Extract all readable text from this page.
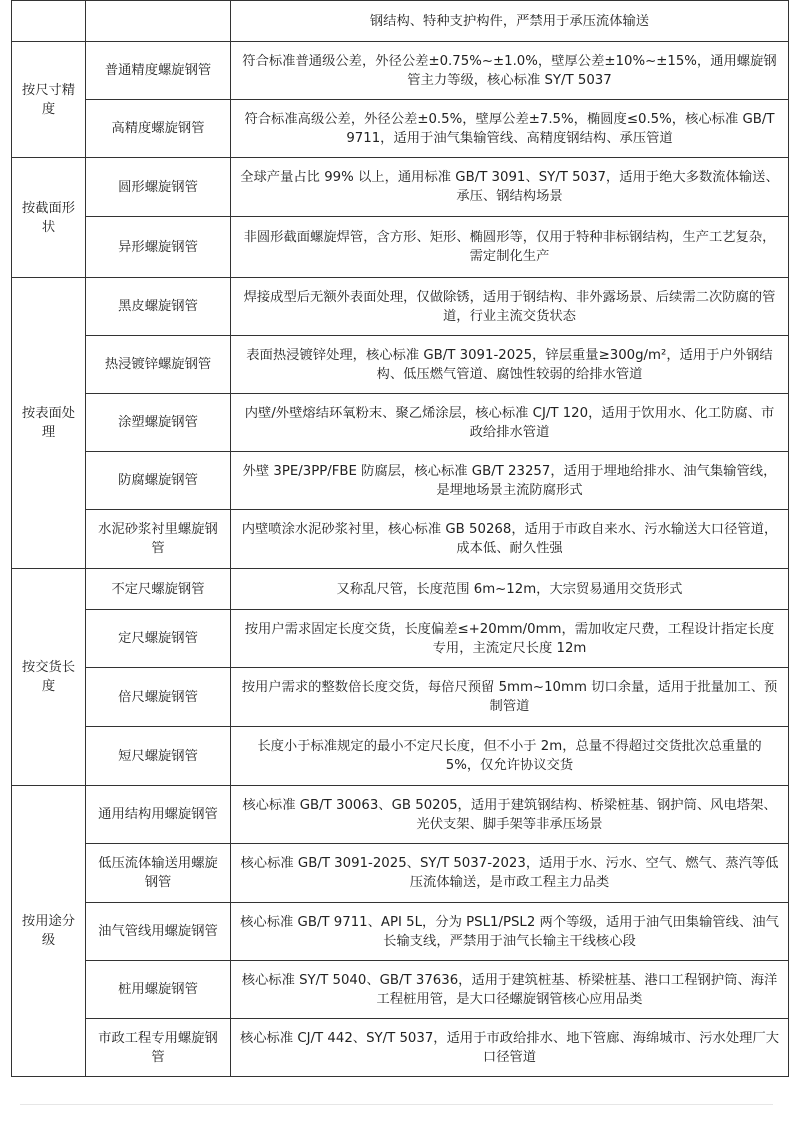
		钢结构、特种支护构件，严禁用于承压流体输送
按尺寸精度	普通精度螺旋钢管	符合标准普通级公差，外径公差±0.75%~±1.0%，壁厚公差±10%~±15%，通用螺旋钢管主力等级，核心标准 SY/T 5037
	高精度螺旋钢管	符合标准高级公差，外径公差±0.5%，壁厚公差±7.5%，椭圆度≤0.5%，核心标准 GB/T 9711，适用于油气集输管线、高精度钢结构、承压管道
按截面形状	圆形螺旋钢管	全球产量占比 99% 以上，通用标准 GB/T 3091、SY/T 5037，适用于绝大多数流体输送、承压、钢结构场景
	异形螺旋钢管	非圆形截面螺旋焊管，含方形、矩形、椭圆形等，仅用于特种非标钢结构，生产工艺复杂，需定制化生产
按表面处理	黑皮螺旋钢管	焊接成型后无额外表面处理，仅做除锈，适用于钢结构、非外露场景、后续需二次防腐的管道，行业主流交货状态
	热浸镀锌螺旋钢管	表面热浸镀锌处理，核心标准 GB/T 3091-2025，锌层重量≥300g/m²，适用于户外钢结构、低压燃气管道、腐蚀性较弱的给排水管道
	涂塑螺旋钢管	内壁/外壁熔结环氧粉末、聚乙烯涂层，核心标准 CJ/T 120，适用于饮用水、化工防腐、市政给排水管道
	防腐螺旋钢管	外壁 3PE/3PP/FBE 防腐层，核心标准 GB/T 23257，适用于埋地给排水、油气集输管线，是埋地场景主流防腐形式
	水泥砂浆衬里螺旋钢管	内壁喷涂水泥砂浆衬里，核心标准 GB 50268，适用于市政自来水、污水输送大口径管道，成本低、耐久性强
按交货长度	不定尺螺旋钢管	又称乱尺管，长度范围 6m~12m，大宗贸易通用交货形式
	定尺螺旋钢管	按用户需求固定长度交货，长度偏差≤+20mm/0mm，需加收定尺费，工程设计指定长度专用，主流定尺长度 12m
	倍尺螺旋钢管	按用户需求的整数倍长度交货，每倍尺预留 5mm~10mm 切口余量，适用于批量加工、预制管道
	短尺螺旋钢管	长度小于标准规定的最小不定尺长度，但不小于 2m，总量不得超过交货批次总重量的 5%，仅允许协议交货
按用途分级	通用结构用螺旋钢管	核心标准 GB/T 30063、GB 50205，适用于建筑钢结构、桥梁桩基、钢护筒、风电塔架、光伏支架、脚手架等非承压场景
	低压流体输送用螺旋钢管	核心标准 GB/T 3091-2025、SY/T 5037-2023，适用于水、污水、空气、燃气、蒸汽等低压流体输送，是市政工程主力品类
	油气管线用螺旋钢管	核心标准 GB/T 9711、API 5L，分为 PSL1/PSL2 两个等级，适用于油气田集输管线、油气长输支线，严禁用于油气长输主干线核心段
	桩用螺旋钢管	核心标准 SY/T 5040、GB/T 37636，适用于建筑桩基、桥梁桩基、港口工程钢护筒、海洋工程桩用管，是大口径螺旋钢管核心应用品类
	市政工程专用螺旋钢管	核心标准 CJ/T 442、SY/T 5037，适用于市政给排水、地下管廊、海绵城市、污水处理厂大口径管道
